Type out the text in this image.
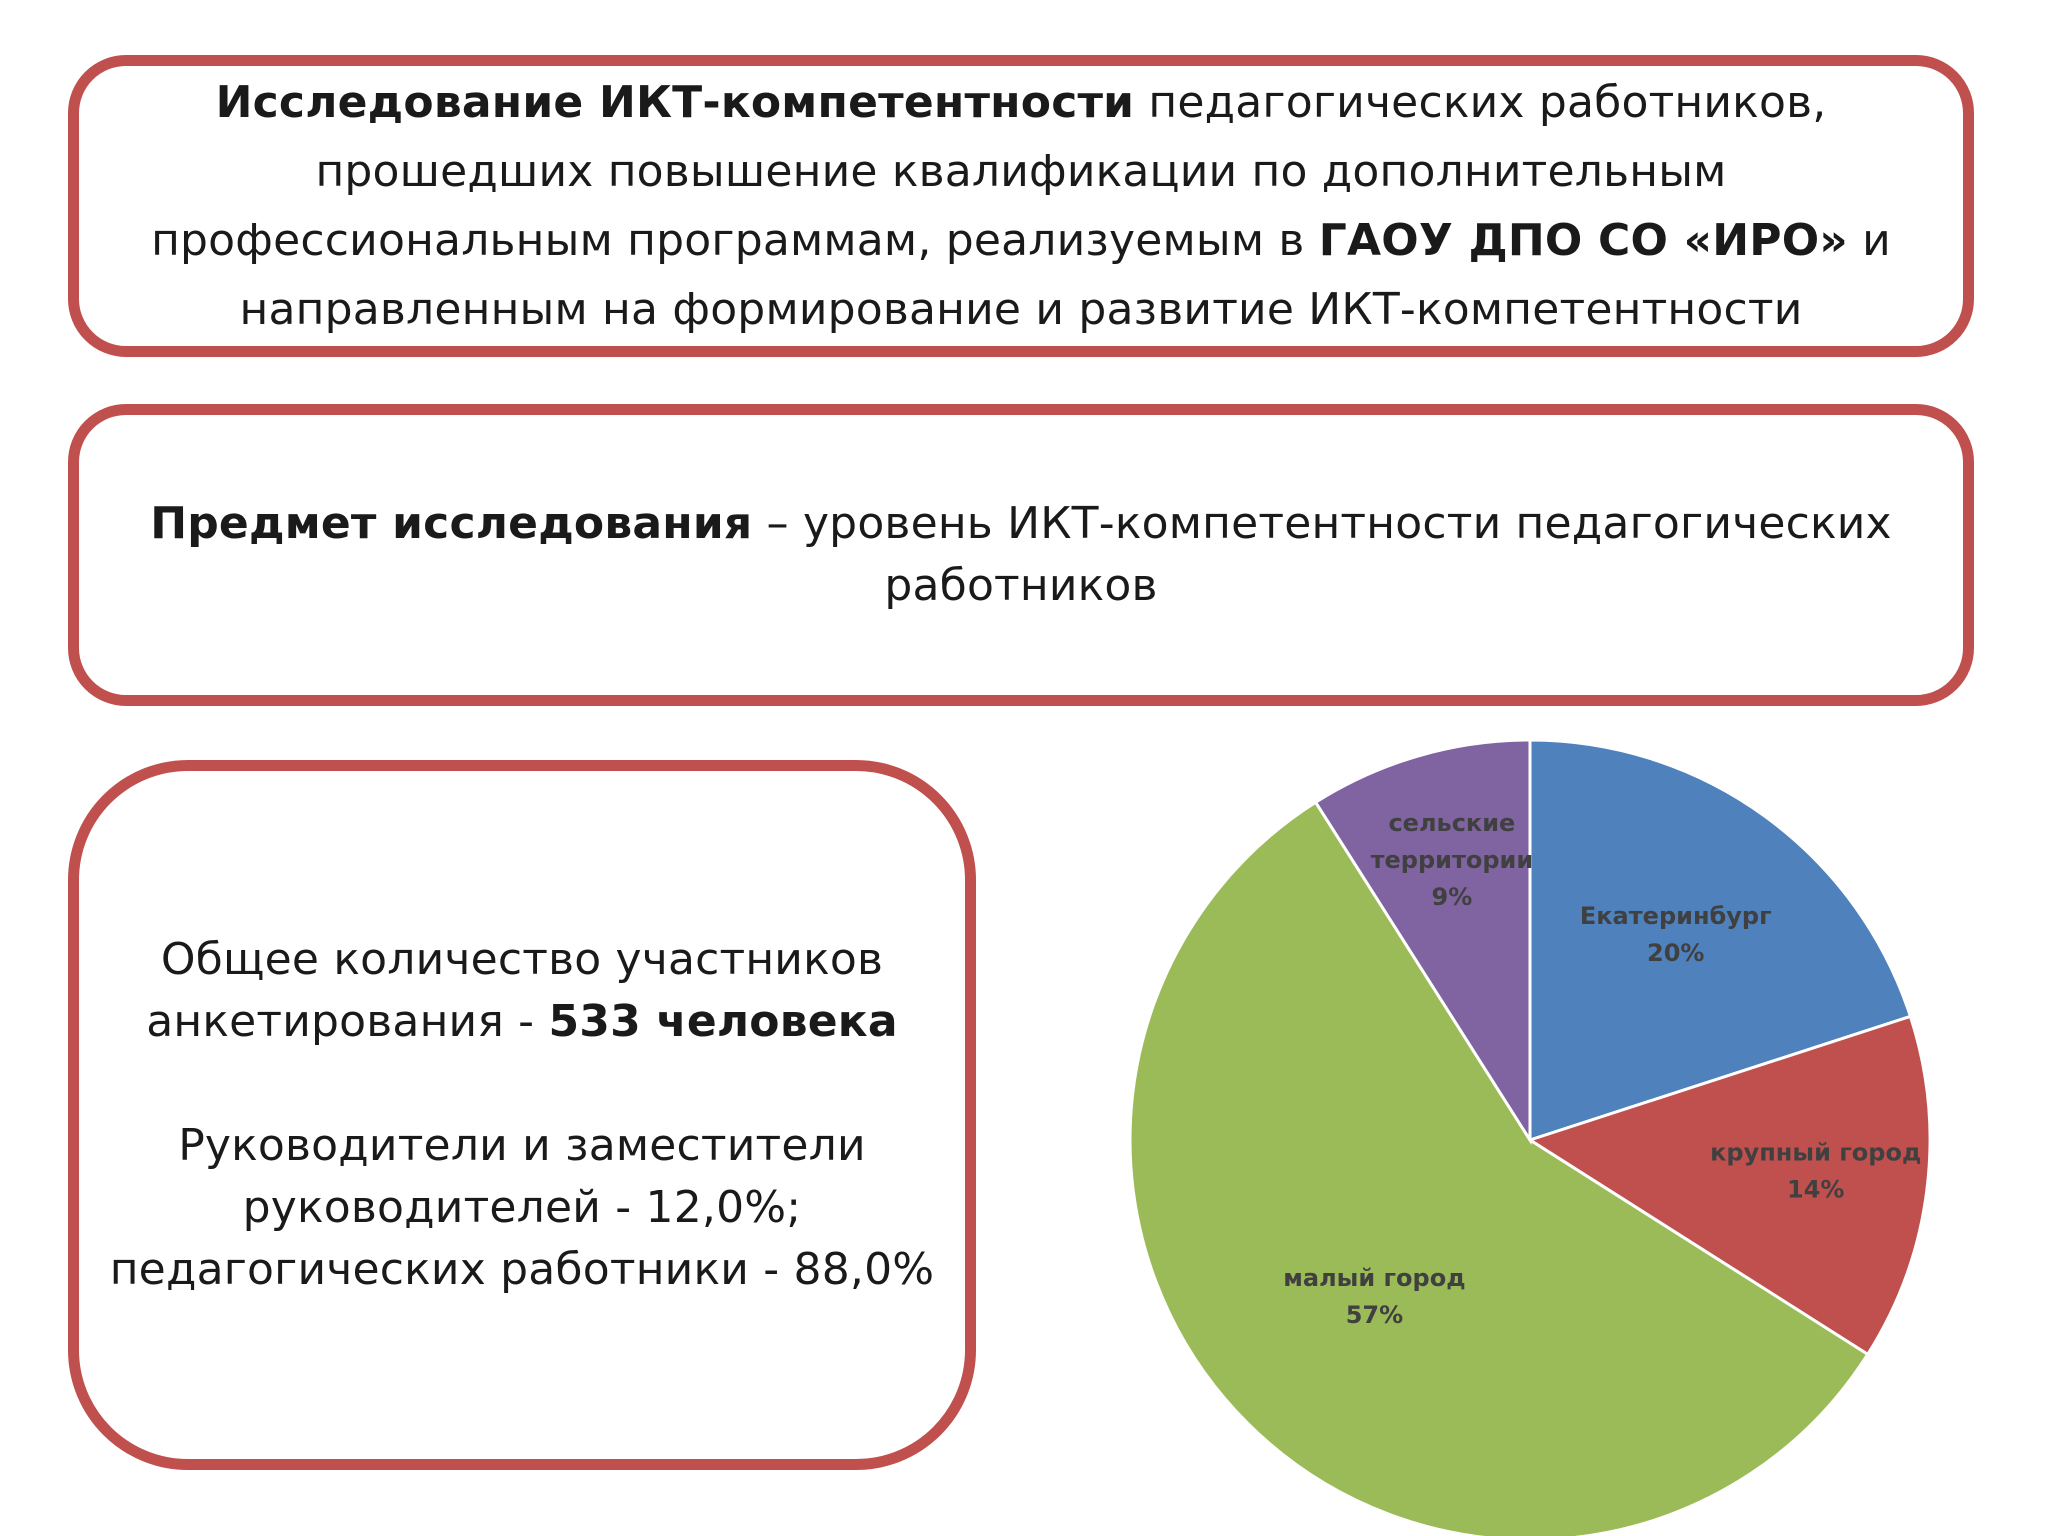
Исследование ИКТ-компетентности педагогических работников,
прошедших повышение квалификации по дополнительным
профессиональным программам, реализуемым в ГАОУ ДПО СО «ИРО» и
направленным на формирование и развитие ИКТ-компетентности
Предмет исследования – уровень ИКТ-компетентности педагогических
работников
Общее количество участников
анкетирования - 533 человека
Руководители и заместители
руководителей - 12,0%;
педагогических работники - 88,0%
Екатеринбург 20%
крупный город 14%
малый город 57%
сельские территории 9%
